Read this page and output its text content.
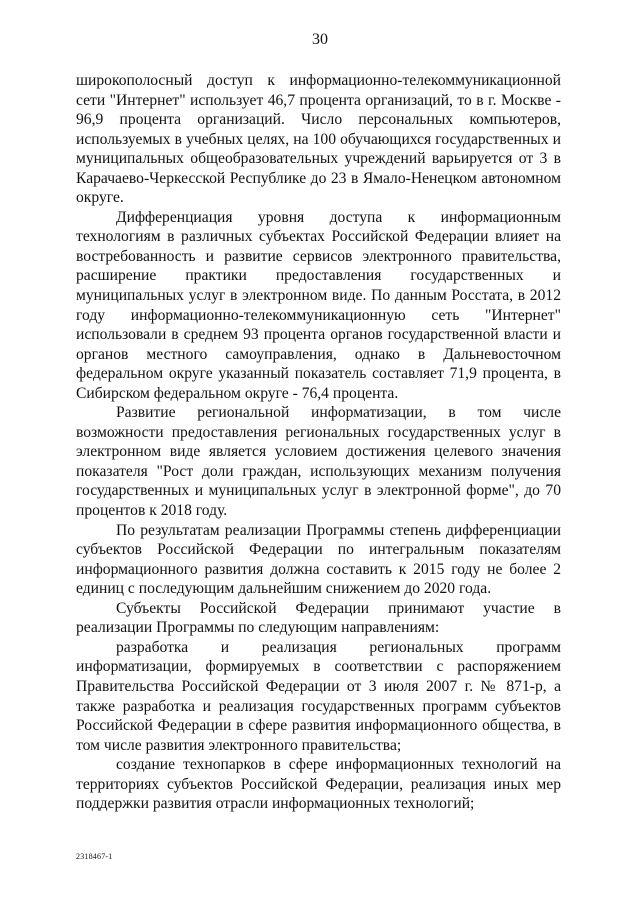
30

широкополосный доступ к информационно-телекоммуникационной сети "Интернет" использует 46,7 процента организаций, то в г. Москве - 96,9 процента организаций. Число персональных компьютеров, используемых в учебных целях, на 100 обучающихся государственных и муниципальных общеобразовательных учреждений варьируется от 3 в Карачаево-Черкесской Республике до 23 в Ямало-Ненецком автономном округе.

Дифференциация уровня доступа к информационным технологиям в различных субъектах Российской Федерации влияет на востребованность и развитие сервисов электронного правительства, расширение практики предоставления государственных и муниципальных услуг в электронном виде. По данным Росстата, в 2012 году информационно-телекоммуникационную сеть "Интернет" использовали в среднем 93 процента органов государственной власти и органов местного самоуправления, однако в Дальневосточном федеральном округе указанный показатель составляет 71,9 процента, в Сибирском федеральном округе - 76,4 процента.

Развитие региональной информатизации, в том числе возможности предоставления региональных государственных услуг в электронном виде является условием достижения целевого значения показателя "Рост доли граждан, использующих механизм получения государственных и муниципальных услуг в электронной форме", до 70 процентов к 2018 году.

По результатам реализации Программы степень дифференциации субъектов Российской Федерации по интегральным показателям информационного развития должна составить к 2015 году не более 2 единиц с последующим дальнейшим снижением до 2020 года.

Субъекты Российской Федерации принимают участие в реализации Программы по следующим направлениям:

разработка и реализация региональных программ информатизации, формируемых в соответствии с распоряжением Правительства Российской Федерации от 3 июля 2007 г. № 871-р, а также разработка и реализация государственных программ субъектов Российской Федерации в сфере развития информационного общества, в том числе развития электронного правительства;

создание технопарков в сфере информационных технологий на территориях субъектов Российской Федерации, реализация иных мер поддержки развития отрасли информационных технологий;

2318467-1
